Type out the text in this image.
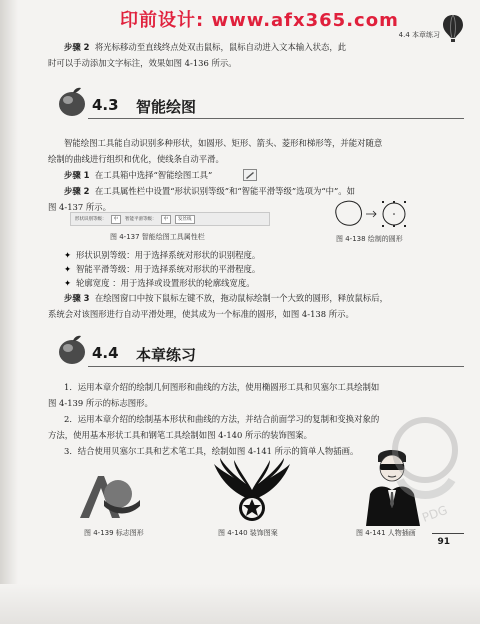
印前设计: www.afx365.com
4.4 本章练习
步骤 2 将光标移动至直线终点处双击鼠标，鼠标自动进入文本输入状态，此
时可以手动添加文字标注，效果如图 4-136 所示。
4.3 智能绘图
智能绘图工具能自动识别多种形状，如圆形、矩形、箭头、菱形和梯形等，并能对随意
绘制的曲线进行组织和优化，使线条自动平滑。
步骤 1 在工具箱中选择“智能绘图工具”
步骤 2 在工具属性栏中设置“形状识别等级”和“智能平滑等级”选项为“中”。如
图 4-137 所示。
形状识别等级：	中	智能平滑等级：	中	发丝线
图 4-137 智能绘图工具属性栏	图 4-138 绘制的圆形
✦ 形状识别等级：用于选择系统对形状的识别程度。
✦ 智能平滑等级：用于选择系统对形状的平滑程度。
✦ 轮廓宽度 ：用于选择或设置形状的轮廓线宽度。
步骤 3 在绘图窗口中按下鼠标左键不放，拖动鼠标绘制一个大致的圆形，释放鼠标后，
系统会对该图形进行自动平滑处理，使其成为一个标准的圆形，如图 4-138 所示。
4.4 本章练习
1．运用本章介绍的绘制几何图形和曲线的方法，使用椭圆形工具和贝塞尔工具绘制如
图 4-139 所示的标志图形。
2．运用本章介绍的绘制基本形状和曲线的方法，并结合前面学习的复制和变换对象的
方法，使用基本形状工具和钢笔工具绘制如图 4-140 所示的装饰图案。
3．结合使用贝塞尔工具和艺术笔工具，绘制如图 4-141 所示的简单人物插画。
图 4-139 标志图形	图 4-140 装饰图案	图 4-141 人物插画
PDG
91
